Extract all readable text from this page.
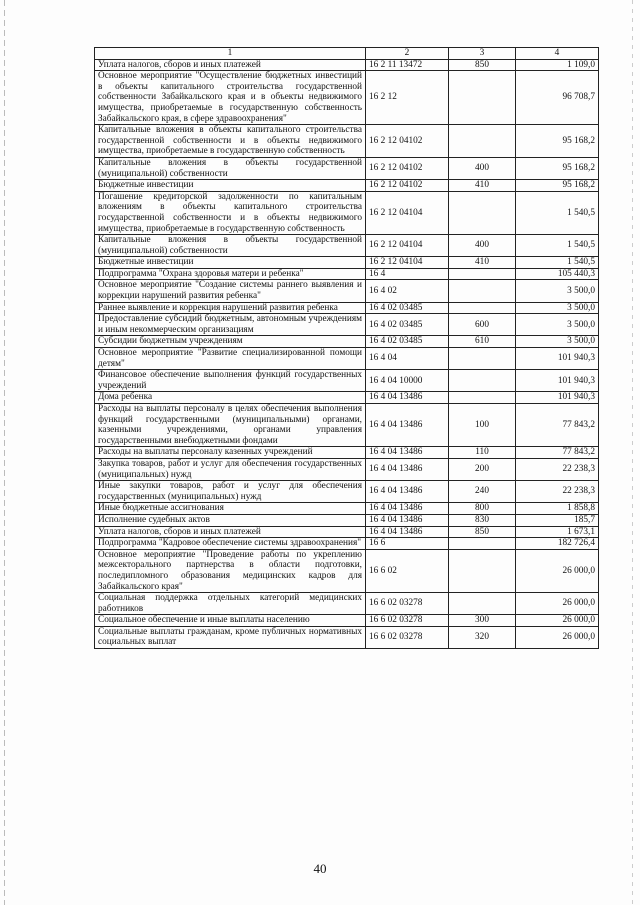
1	2	3	4
Уплата налогов, сборов и иных платежей	16 2 11 13472	850	1 109,0
Основное мероприятие "Осуществление бюджетных инвестиций в объекты капитального строительства государственной собственности Забайкальского края и в объекты недвижимого имущества, приобретаемые в государственную собственность Забайкальского края, в сфере здравоохранения"	16 2 12		96 708,7
Капитальные вложения в объекты капитального строительства государственной собственности и в объекты недвижимого имущества, приобретаемые в государственную собственность	16 2 12 04102		95 168,2
Капитальные вложения в объекты государственной (муниципальной) собственности	16 2 12 04102	400	95 168,2
Бюджетные инвестиции	16 2 12 04102	410	95 168,2
Погашение кредиторской задолженности по капитальным вложениям в объекты капитального строительства государственной собственности и в объекты недвижимого имущества, приобретаемые в государственную собственность	16 2 12 04104		1 540,5
Капитальные вложения в объекты государственной (муниципальной) собственности	16 2 12 04104	400	1 540,5
Бюджетные инвестиции	16 2 12 04104	410	1 540,5
Подпрограмма "Охрана здоровья матери и ребенка"	16 4		105 440,3
Основное мероприятие "Создание системы раннего выявления и коррекции нарушений развития ребенка"	16 4 02		3 500,0
Раннее выявление и коррекция нарушений развития ребенка	16 4 02 03485		3 500,0
Предоставление субсидий бюджетным, автономным учреждениям и иным некоммерческим организациям	16 4 02 03485	600	3 500,0
Субсидии бюджетным учреждениям	16 4 02 03485	610	3 500,0
Основное мероприятие "Развитие специализированной помощи детям"	16 4 04		101 940,3
Финансовое обеспечение выполнения функций государственных учреждений	16 4 04 10000		101 940,3
Дома ребенка	16 4 04 13486		101 940,3
Расходы на выплаты персоналу в целях обеспечения выполнения функций государственными (муниципальными) органами, казенными учреждениями, органами управления государственными внебюджетными фондами	16 4 04 13486	100	77 843,2
Расходы на выплаты персоналу казенных учреждений	16 4 04 13486	110	77 843,2
Закупка товаров, работ и услуг для обеспечения государственных (муниципальных) нужд	16 4 04 13486	200	22 238,3
Иные закупки товаров, работ и услуг для обеспечения государственных (муниципальных) нужд	16 4 04 13486	240	22 238,3
Иные бюджетные ассигнования	16 4 04 13486	800	1 858,8
Исполнение судебных актов	16 4 04 13486	830	185,7
Уплата налогов, сборов и иных платежей	16 4 04 13486	850	1 673,1
Подпрограмма "Кадровое обеспечение системы здравоохранения"	16 6		182 726,4
Основное мероприятие "Проведение работы по укреплению межсекторального партнерства в области подготовки, последипломного образования медицинских кадров для Забайкальского края"	16 6 02		26 000,0
Социальная поддержка отдельных категорий медицинских работников	16 6 02 03278		26 000,0
Социальное обеспечение и иные выплаты населению	16 6 02 03278	300	26 000,0
Социальные выплаты гражданам, кроме публичных нормативных социальных выплат	16 6 02 03278	320	26 000,0
40
